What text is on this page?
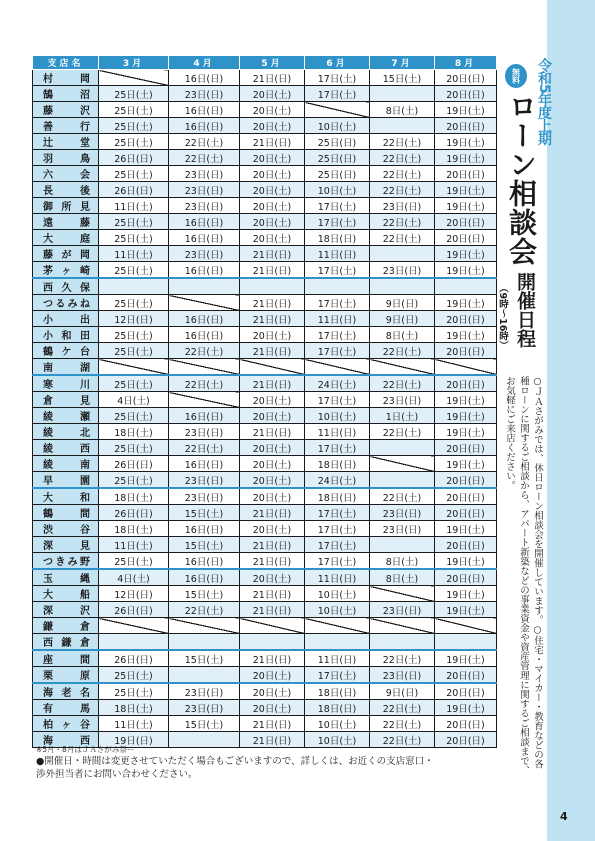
支店名	3月	4月	5月	6月	7月	8月
村岡		16日(日)	21日(日)	17日(土)	15日(土)	20日(日)
鵠沼	25日(土)	23日(日)	20日(土)	17日(土)		20日(日)
藤沢	25日(土)	16日(日)	20日(土)		8日(土)	19日(土)
善行	25日(土)	16日(日)	20日(土)	10日(土)		20日(日)
辻堂	25日(土)	22日(土)	21日(日)	25日(日)	22日(土)	19日(土)
羽鳥	26日(日)	22日(土)	20日(土)	25日(日)	22日(土)	19日(土)
六会	25日(土)	23日(日)	20日(土)	25日(日)	22日(土)	20日(日)
長後	26日(日)	23日(日)	20日(土)	10日(土)	22日(土)	19日(土)
御所見	11日(土)	23日(日)	20日(土)	17日(土)	23日(日)	19日(土)
遠藤	25日(土)	16日(日)	20日(土)	17日(土)	22日(土)	20日(日)
大庭	25日(土)	16日(日)	20日(土)	18日(日)	22日(土)	20日(日)
藤が岡	11日(土)	23日(日)	21日(日)	11日(日)		19日(土)
茅ヶ崎	25日(土)	16日(日)	21日(日)	17日(土)	23日(日)	19日(土)
西久保						
つるみね	25日(土)		21日(日)	17日(土)	9日(日)	19日(土)
小出	12日(日)	16日(日)	21日(日)	11日(日)	9日(日)	20日(日)
小和田	25日(土)	16日(日)	20日(土)	17日(土)	8日(土)	19日(土)
鶴ケ台	25日(土)	22日(土)	21日(日)	17日(土)	22日(土)	20日(日)
南湖						
寒川	25日(土)	22日(土)	21日(日)	24日(土)	22日(土)	20日(日)
倉見	4日(土)		20日(土)	17日(土)	23日(日)	19日(土)
綾瀬	25日(土)	16日(日)	20日(土)	10日(土)	1日(土)	19日(土)
綾北	18日(土)	23日(日)	21日(日)	11日(日)	22日(土)	19日(土)
綾西	25日(土)	22日(土)	20日(土)	17日(土)		20日(日)
綾南	26日(日)	16日(日)	20日(土)	18日(日)		19日(土)
早園	25日(土)	23日(日)	20日(土)	24日(土)		20日(日)
大和	18日(土)	23日(日)	20日(土)	18日(日)	22日(土)	20日(日)
鶴間	26日(日)	15日(土)	21日(日)	17日(土)	23日(日)	20日(日)
渋谷	18日(土)	16日(日)	20日(土)	17日(土)	23日(日)	19日(土)
深見	11日(土)	15日(土)	21日(日)	17日(土)		20日(日)
つきみ野	25日(土)	16日(日)	21日(日)	17日(土)	8日(土)	19日(土)
玉縄	4日(土)	16日(日)	20日(土)	11日(日)	8日(土)	20日(日)
大船	12日(日)	15日(土)	21日(日)	10日(土)		19日(土)
深沢	26日(日)	22日(土)	21日(日)	10日(土)	23日(日)	19日(土)
鎌倉						
西鎌倉						
座間	26日(日)	15日(土)	21日(日)	11日(日)	22日(土)	19日(土)
栗原	25日(土)		20日(土)	17日(土)	23日(日)	20日(日)
海老名	25日(土)	23日(日)	20日(土)	18日(日)	9日(日)	20日(日)
有馬	18日(土)	23日(日)	20日(土)	18日(日)	22日(土)	19日(土)
柏ヶ谷	11日(土)	15日(土)	21日(日)	10日(土)	22日(土)	20日(日)
海西	19日(日)		21日(日)	10日(土)	22日(土)	20日(日)
※5月・8月はＪＡさがみ祭ー
●開催日・時間は変更させていただく場合もございますので、詳しくは、お近くの支店窓口・渉外担当者にお問い合わせください。
令和5年度上期
無料
ローン相談会
開催日程
（9時〜16時）
○ＪＡさがみでは、休日ローン相談会を開催しています。○住宅・マイカー・教育などの各種ローンに関するご相談から、アパート新築などの事業資金や資産管理に関するご相談まで、お気軽にご来店ください。
4
